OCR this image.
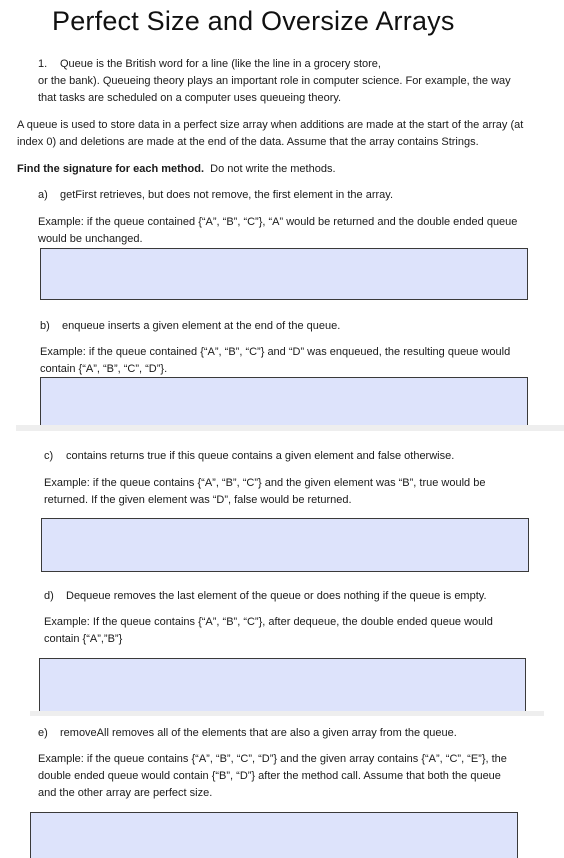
Perfect Size and Oversize Arrays
1. Queue is the British word for a line (like the line in a grocery store,
or the bank). Queueing theory plays an important role in computer science. For example, the way
that tasks are scheduled on a computer uses queueing theory.
A queue is used to store data in a perfect size array when additions are made at the start of the array (at
index 0) and deletions are made at the end of the data. Assume that the array contains Strings.
Find the signature for each method. Do not write the methods.
a) getFirst retrieves, but does not remove, the first element in the array.
Example: if the queue contained {“A”, “B”, “C”}, “A” would be returned and the double ended queue
would be unchanged.
b) enqueue inserts a given element at the end of the queue.
Example: if the queue contained {“A”, “B”, “C”} and “D” was enqueued, the resulting queue would
contain {“A”, “B”, “C”, “D”}.
c) contains returns true if this queue contains a given element and false otherwise.
Example: if the queue contains {“A”, “B”, “C”} and the given element was “B”, true would be
returned. If the given element was “D”, false would be returned.
d) Dequeue removes the last element of the queue or does nothing if the queue is empty.
Example: If the queue contains {“A”, “B”, “C”}, after dequeue, the double ended queue would
contain {“A”,”B”}
e) removeAll removes all of the elements that are also a given array from the queue.
Example: if the queue contains {“A”, “B”, “C”, “D”} and the given array contains {“A”, “C”, “E”}, the
double ended queue would contain {“B”, “D”} after the method call. Assume that both the queue
and the other array are perfect size.
